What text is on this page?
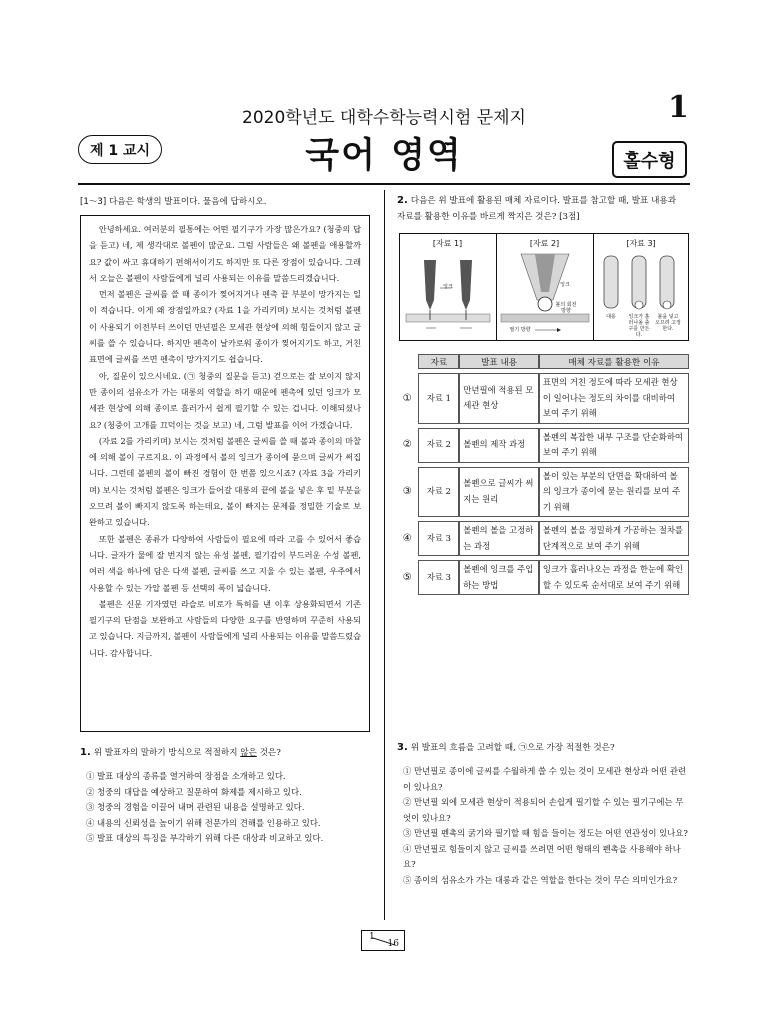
2020학년도 대학수학능력시험 문제지	1
제 1 교시	국어 영역	홀수형
[1～3] 다음은 학생의 발표이다. 물음에 답하시오.

안녕하세요. 여러분의 필통에는 어떤 필기구가 가장 많은가요? (청중의 답을 듣고) 네, 제 생각대로 볼펜이 많군요. 그럼 사람들은 왜 볼펜을 애용할까요? 값이 싸고 휴대하기 편해서이기도 하지만 또 다른 장점이 있습니다. 그래서 오늘은 볼펜이 사람들에게 널리 사용되는 이유를 말씀드리겠습니다.

먼저 볼펜은 글씨를 쓸 때 종이가 찢어지거나 펜촉 끝 부분이 망가지는 일이 적습니다. 이게 왜 장점일까요? (자료 1을 가리키며) 보시는 것처럼 볼펜이 사용되기 이전부터 쓰이던 만년필은 모세관 현상에 의해 힘들이지 않고 글씨를 쓸 수 있습니다. 하지만 펜촉이 날카로워 종이가 찢어지기도 하고, 거친 표면에 글씨를 쓰면 펜촉이 망가지기도 쉽습니다.

아, 질문이 있으시네요. (㉠ 청중의 질문을 듣고) 걷으로는 잘 보이지 않지만 종이의 섬유소가 가는 대롱의 역할을 하기 때문에 펜촉에 있던 잉크가 모세관 현상에 의해 종이로 흘러가서 쉽게 필기할 수 있는 겁니다. 이해되셨나요? (청중이 고개를 끄덕이는 것을 보고) 네, 그럼 발표를 이어 가겠습니다.

(자료 2를 가리키며) 보시는 것처럼 볼펜은 글씨를 쓸 때 볼과 종이의 마찰에 의해 볼이 구르지요. 이 과정에서 볼의 잉크가 종이에 묻으며 글씨가 써집니다. 그런데 볼펜의 볼이 빠진 경험이 한 번쯤 있으시죠? (자료 3을 가리키며) 보시는 것처럼 볼펜은 잉크가 들어갈 대롱의 끝에 볼을 넣은 후 밑 부분을 오므려 볼이 빠지지 않도록 하는데요, 볼이 빠지는 문제를 정밀한 기술로 보완하고 있습니다.

또한 볼펜은 종류가 다양하여 사람들이 필요에 따라 고를 수 있어서 좋습니다. 글자가 물에 잘 번지지 않는 유성 볼펜, 필기감이 부드러운 수성 볼펜, 여러 색을 하나에 담은 다색 볼펜, 글씨를 쓰고 지울 수 있는 볼펜, 우주에서 사용할 수 있는 가압 볼펜 등 선택의 폭이 넓습니다.

볼펜은 신문 기자였던 라슬로 비로가 특허를 낸 이후 상용화되면서 기존 필기구의 단점을 보완하고 사람들의 다양한 요구를 반영하며 꾸준히 사용되고 있습니다. 지금까지, 볼펜이 사람들에게 널리 사용되는 이유를 말씀드렸습니다. 감사합니다.

1. 위 발표자의 말하기 방식으로 적절하지 않은 것은?
① 발표 대상의 종류를 열거하여 장점을 소개하고 있다.
② 청중의 대답을 예상하고 질문하여 화제를 제시하고 있다.
③ 청중의 경험을 이끌어 내며 관련된 내용을 설명하고 있다.
④ 내용의 신뢰성을 높이기 위해 전문가의 견해를 인용하고 있다.
⑤ 발표 대상의 특징을 부각하기 위해 다른 대상과 비교하고 있다.
2. 다음은 위 발표에 활용된 매체 자료이다. 발표를 참고할 때, 발표 내용과 자료를 활용한 이유를 바르게 짝지은 것은? [3점]
[자료 1]
잉크
[자료 2]
잉크
볼의 회전 방향
필기 방향
[자료 3]
대롱	잉크가 흘러나올 출구를 만든다.
볼을 넣고 오므려 고정한다.
	자료	발표 내용	매체 자료를 활용한 이유
①	자료 1	만년필에 적용된 모세관 현상	표면의 거친 정도에 따라 모세관 현상이 일어나는 정도의 차이를 대비하여 보여 주기 위해
②	자료 2	볼펜의 제작 과정	볼펜의 복잡한 내부 구조를 단순화하여 보여 주기 위해
③	자료 2	볼펜으로 글씨가 써지는 원리	볼이 있는 부분의 단면을 확대하여 볼의 잉크가 종이에 묻는 원리를 보여 주기 위해
④	자료 3	볼펜의 볼을 고정하는 과정	볼펜의 볼을 정밀하게 가공하는 절차를 단계적으로 보여 주기 위해
⑤	자료 3	볼펜에 잉크를 주입하는 방법	잉크가 흘러나오는 과정을 한눈에 확인할 수 있도록 순서대로 보여 주기 위해
3. 위 발표의 흐름을 고려할 때, ㉠으로 가장 적절한 것은?
① 만년필로 종이에 글씨를 수월하게 쓸 수 있는 것이 모세관 현상과 어떤 관련이 있나요?
② 만년필 외에 모세관 현상이 적용되어 손쉽게 필기할 수 있는 필기구에는 무엇이 있나요?
③ 만년필 펜촉의 굵기와 필기할 때 힘을 들이는 정도는 어떤 연관성이 있나요?
④ 만년필로 힘들이지 않고 글씨를 쓰려면 어떤 형태의 펜촉을 사용해야 하나요?
⑤ 종이의 섬유소가 가는 대롱과 같은 역할을 한다는 것이 무슨 의미인가요?
1
16
